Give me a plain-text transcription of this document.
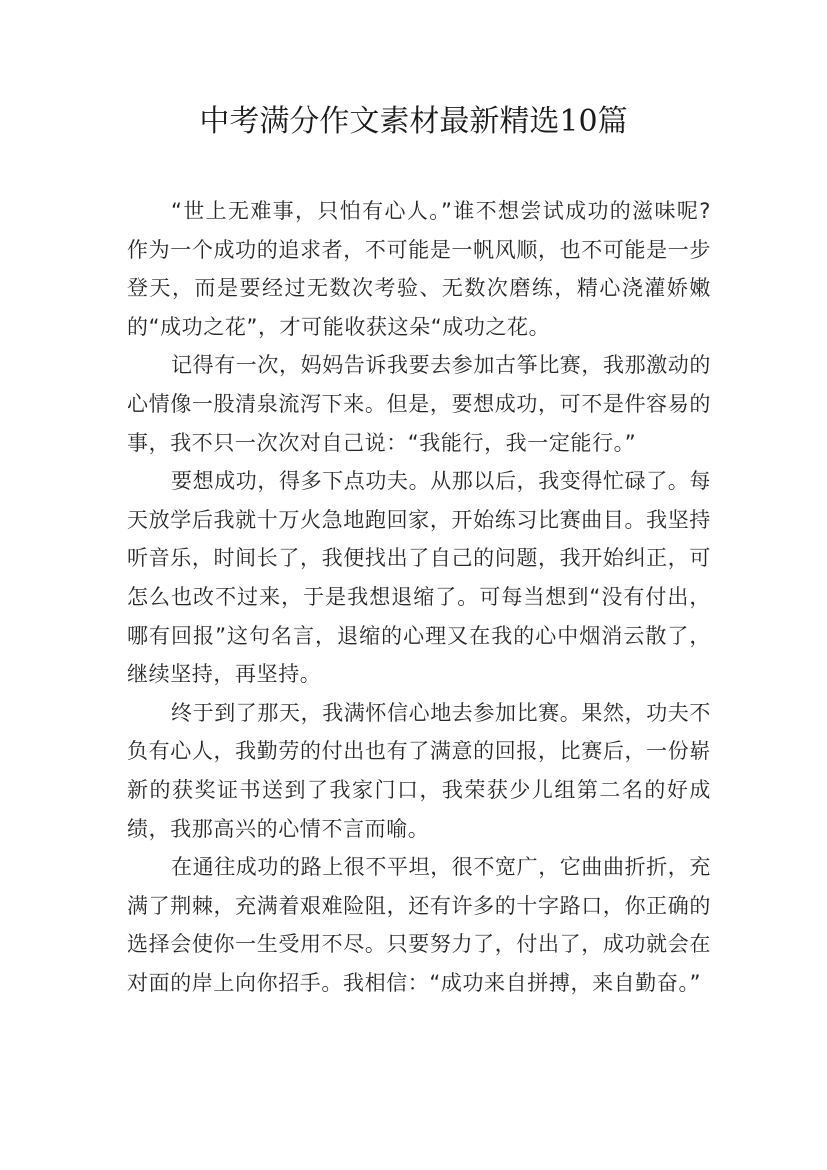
中考满分作文素材最新精选10篇

“世上无难事，只怕有心人。”谁不想尝试成功的滋味呢?作为一个成功的追求者，不可能是一帆风顺，也不可能是一步登天，而是要经过无数次考验、无数次磨练，精心浇灌娇嫩的“成功之花”，才可能收获这朵“成功之花。

记得有一次，妈妈告诉我要去参加古筝比赛，我那激动的心情像一股清泉流泻下来。但是，要想成功，可不是件容易的事，我不只一次次对自己说：“我能行，我一定能行。”

要想成功，得多下点功夫。从那以后，我变得忙碌了。每天放学后我就十万火急地跑回家，开始练习比赛曲目。我坚持听音乐，时间长了，我便找出了自己的问题，我开始纠正，可怎么也改不过来，于是我想退缩了。可每当想到“没有付出，哪有回报”这句名言，退缩的心理又在我的心中烟消云散了，继续坚持，再坚持。

终于到了那天，我满怀信心地去参加比赛。果然，功夫不负有心人，我勤劳的付出也有了满意的回报，比赛后，一份崭新的获奖证书送到了我家门口，我荣获少儿组第二名的好成绩，我那高兴的心情不言而喻。

在通往成功的路上很不平坦，很不宽广，它曲曲折折，充满了荆棘，充满着艰难险阻，还有许多的十字路口，你正确的选择会使你一生受用不尽。只要努力了，付出了，成功就会在对面的岸上向你招手。我相信：“成功来自拼搏，来自勤奋。”
